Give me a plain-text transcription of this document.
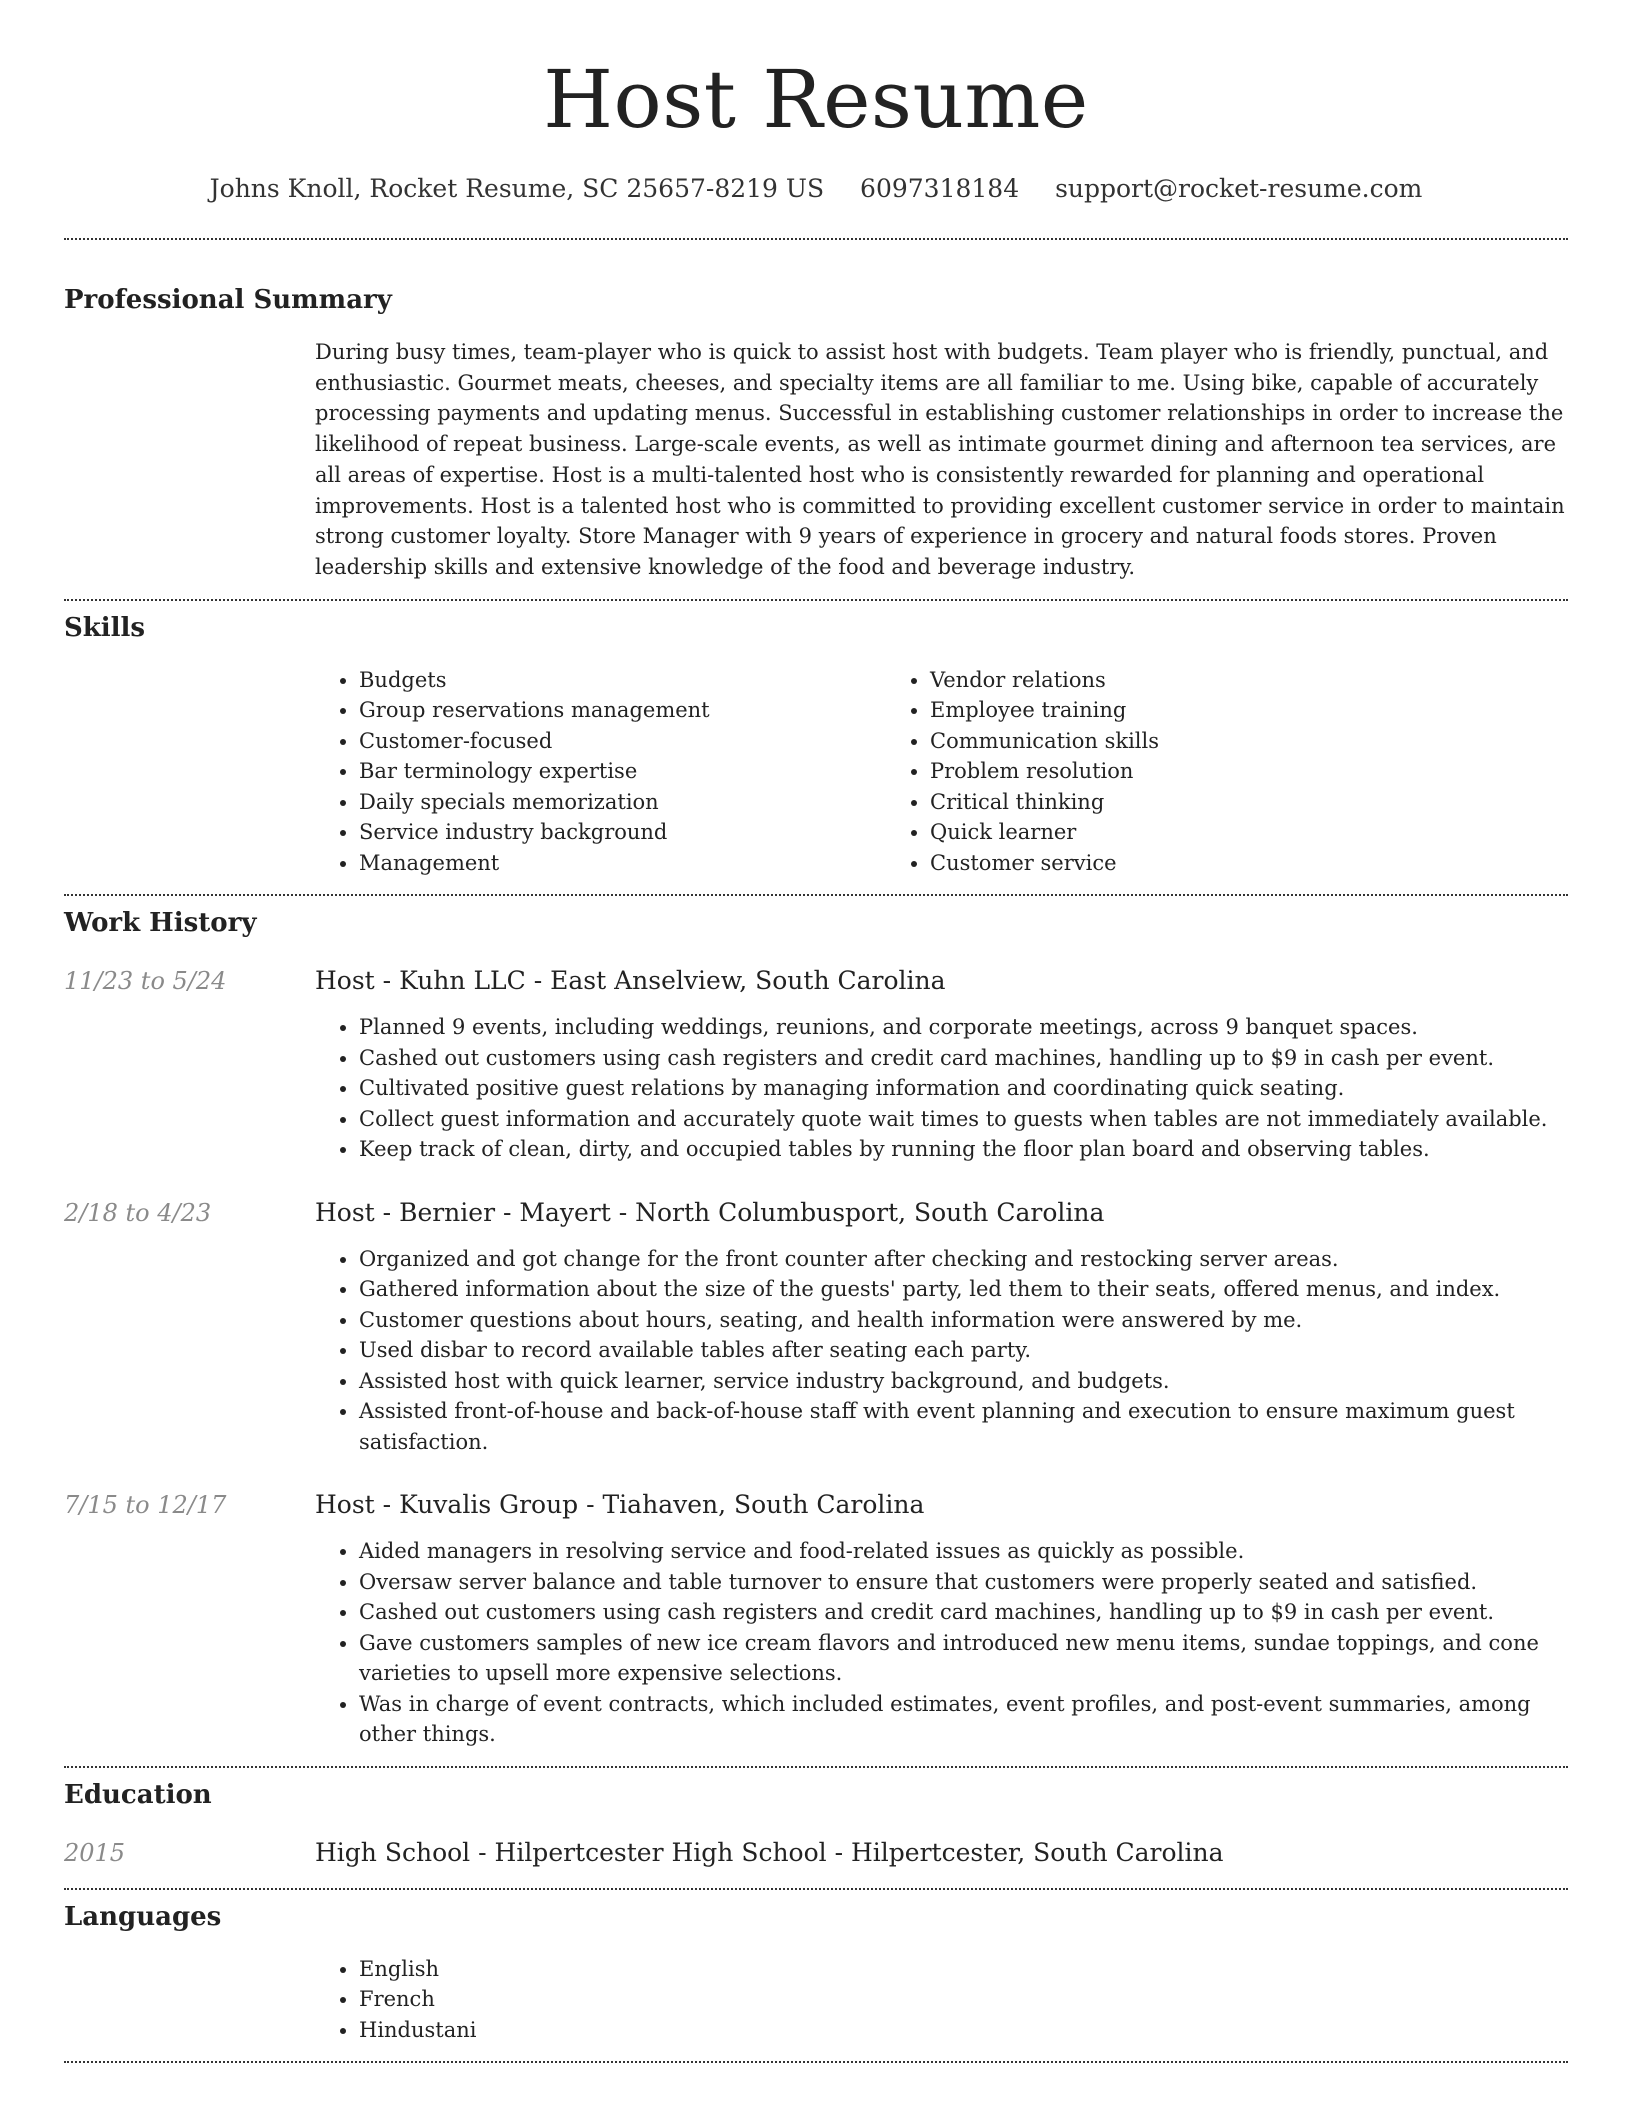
Host Resume
Johns Knoll, Rocket Resume, SC 25657-8219 US 6097318184 support@rocket-resume.com
Professional Summary

During busy times, team-player who is quick to assist host with budgets. Team player who is friendly, punctual, and enthusiastic. Gourmet meats, cheeses, and specialty items are all familiar to me. Using bike, capable of accurately processing payments and updating menus. Successful in establishing customer relationships in order to increase the likelihood of repeat business. Large-scale events, as well as intimate gourmet dining and afternoon tea services, are all areas of expertise. Host is a multi-talented host who is consistently rewarded for planning and operational improvements. Host is a talented host who is committed to providing excellent customer service in order to maintain strong customer loyalty. Store Manager with 9 years of experience in grocery and natural foods stores. Proven leadership skills and extensive knowledge of the food and beverage industry.

Skills
• Budgets
• Group reservations management
• Customer-focused
• Bar terminology expertise
• Daily specials memorization
• Service industry background
• Management
• Vendor relations
• Employee training
• Communication skills
• Problem resolution
• Critical thinking
• Quick learner
• Customer service
Work History
11/23 to 5/24	Host - Kuhn LLC - East Anselview, South Carolina
• Planned 9 events, including weddings, reunions, and corporate meetings, across 9 banquet spaces.
• Cashed out customers using cash registers and credit card machines, handling up to $9 in cash per event.
• Cultivated positive guest relations by managing information and coordinating quick seating.
• Collect guest information and accurately quote wait times to guests when tables are not immediately available.
• Keep track of clean, dirty, and occupied tables by running the floor plan board and observing tables.
2/18 to 4/23	Host - Bernier - Mayert - North Columbusport, South Carolina
• Organized and got change for the front counter after checking and restocking server areas.
• Gathered information about the size of the guests' party, led them to their seats, offered menus, and index.
• Customer questions about hours, seating, and health information were answered by me.
• Used disbar to record available tables after seating each party.
• Assisted host with quick learner, service industry background, and budgets.
• Assisted front-of-house and back-of-house staff with event planning and execution to ensure maximum guest satisfaction.
7/15 to 12/17	Host - Kuvalis Group - Tiahaven, South Carolina
• Aided managers in resolving service and food-related issues as quickly as possible.
• Oversaw server balance and table turnover to ensure that customers were properly seated and satisfied.
• Cashed out customers using cash registers and credit card machines, handling up to $9 in cash per event.
• Gave customers samples of new ice cream flavors and introduced new menu items, sundae toppings, and cone varieties to upsell more expensive selections.
• Was in charge of event contracts, which included estimates, event profiles, and post-event summaries, among other things.
Education
2015	High School - Hilpertcester High School - Hilpertcester, South Carolina
Languages
• English
• French
• Hindustani
